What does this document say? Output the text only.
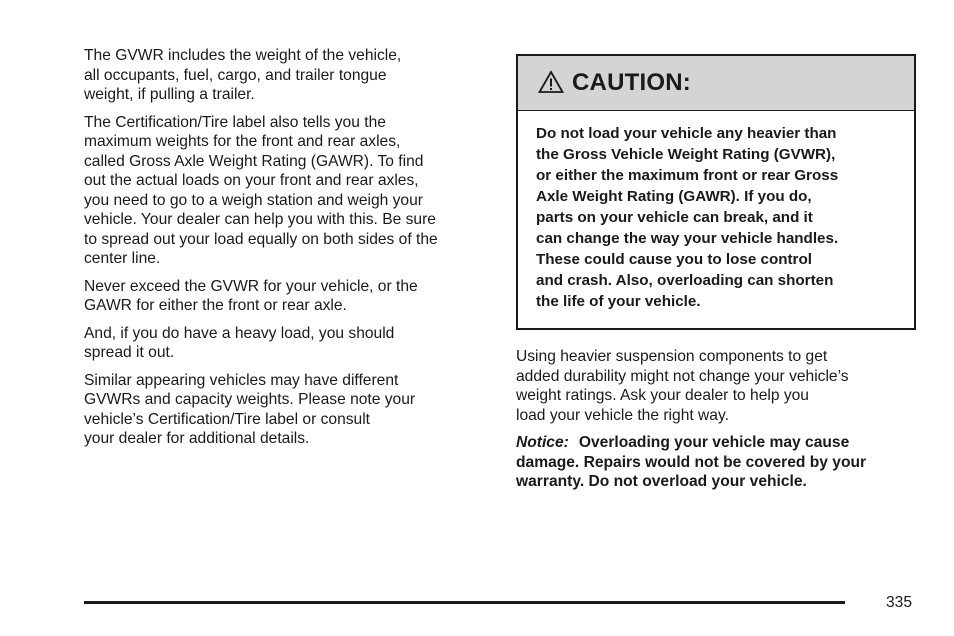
The GVWR includes the weight of the vehicle,
all occupants, fuel, cargo, and trailer tongue
weight, if pulling a trailer.

The Certification/Tire label also tells you the
maximum weights for the front and rear axles,
called Gross Axle Weight Rating (GAWR). To find
out the actual loads on your front and rear axles,
you need to go to a weigh station and weigh your
vehicle. Your dealer can help you with this. Be sure
to spread out your load equally on both sides of the
center line.

Never exceed the GVWR for your vehicle, or the
GAWR for either the front or rear axle.

And, if you do have a heavy load, you should
spread it out.

Similar appearing vehicles may have different
GVWRs and capacity weights. Please note your
vehicle’s Certification/Tire label or consult
your dealer for additional details.

CAUTION:
Do not load your vehicle any heavier than
the Gross Vehicle Weight Rating (GVWR),
or either the maximum front or rear Gross
Axle Weight Rating (GAWR). If you do,
parts on your vehicle can break, and it
can change the way your vehicle handles.
These could cause you to lose control
and crash. Also, overloading can shorten
the life of your vehicle.

Using heavier suspension components to get
added durability might not change your vehicle’s
weight ratings. Ask your dealer to help you
load your vehicle the right way.

Notice: Overloading your vehicle may cause
damage. Repairs would not be covered by your
warranty. Do not overload your vehicle.

335
